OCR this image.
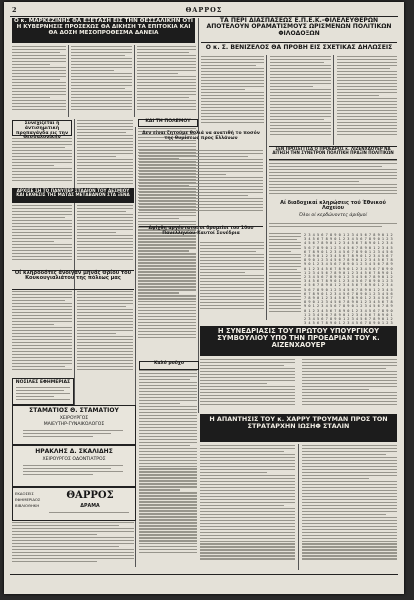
2	ΘΑΡΡΟΣ
Ο κ. ΜΑΡΚΕΖΙΝΗΣ ΘΑ ΕΞΕΤΑΣΗ ΕΙΣ ΤΗΝ ΘΕΣΣΑΛΙΚΗΝ ΟΤΙ Η ΚΥΒΕΡΝΗΣΙΣ ΠΡΟΣΕΧΩΣ ΘΑ ΔΙΚΗΣΗ ΤΑ ΕΠΙΤΟΚΙΑ ΚΑΙ ΘΑ ΔΟΣΗ ΜΕΣΟΠΡΟΘΕΣΜΑ ΔΑΝΕΙΑ
ΤΑ ΠΕΡΙ ΔΙΑΣΠΑΣΕΩΣ Ε.Π.Ε.Κ.-ΦΙΛΕΛΕΥΘΕΡΩΝ ΑΠΟΤΕΛΟΥΝ ΟΡΑΜΑΤΙΣΜΟΥΣ ΩΡΙΣΜΕΝΩΝ ΠΟΛΙΤΙΚΩΝ ΦΙΛΟΔΟΞΩΝ
Ο κ. Σ. ΒΕΝΙΖΕΛΟΣ ΘΑ ΠΡΟΒΗ ΕΙΣ ΣΧΕΤΙΚΑΣ ΔΗΛΩΣΕΙΣ
Συνεχίζεται ή άντισημιτική προπαγάνδα εις την
ΚΑΙ ΤΗ ΠΟΛΕΜΟΥ
ΑΡΧΙΣΕ ΣΗ ΤΟ ΠΑΝΥΠΕΡ ΣΤΑΔΙΟΝ ΤΟΥ ΔΕΣΜΙΟΥ ΚΑΙ ΕΚΘΕΣΙΣ ΤΗΣ ΜΑΤΑΣ ΜΕΤΑΒΑΝΟΝ ΣΤΑ ΞΕΝΑ
Οί κληροδότες άνοιγαν μηνάς Θρίου του Κουκουγιαλιάτου της πόλεως μας
ΝΟΣΙΛΕΣ ΕΦΗΜΕΡΙΑΣ
ΣΤΑΜΑΤΙΟΣ Θ. ΣΤΑΜΑΤΙΟΥ
ΧΕΙΡΟΥΡΓΟΣ
ΜΑΙΕΥΤΗΡ-ΓΥΝΑΙΚΟΛΟΓΟΣ
ΗΡΑΚΛΗΣ Δ. ΣΚΑΛΙΔΗΣ
ΧΕΙΡΟΥΡΓΟΣ ΟΔΟΝΤΙΑΤΡΟΣ
ΕΚΔΟΣΕΙΣ
ΕΦΗΜΕΡΙΔΟΣ
ΒΙΒΛΙΟΘΗΚΗ
ΘΑΡΡΟΣ
ΔΡΑΜΑ
Δεν είναι ζητούμε θολιά να ανατιθή το ποσόν της θυμίσεως προς Ελλάνων
Αφίχθη αργέστατοι οι δρομείοι του 10ου Πανελληνίου-Καυτοί Συνέδρια
ΣΕΝ ΠΡΟΣΕΓΓΙΣΑ Ο ΠΡΟΕΔΡΟΣ κ. ΛΙΖΕΝΧΑΟΥΕΡ ΝΑ ΑΙΤΗΣΗ ΤΗΝ ΣΥΝΕΤΡΟΝ ΠΟΛΙΤΙΚΗ ΠΡΑΞΙΝ ΠΟΛΙΤΙΚΩΝ
Αί διαδοχικαί κληρώσεις τού Έθνικού Λαχείου
Όλοι οί κερδώνοντες άριθμοί
2 3 4 5 6 7 8 9 0 1 2 3 4 5 6 7 8 9 0 1 2
3 4 5 6 7 8 9 0 1 2 3 4 5 6 7 8 9 0 1 2 3
4 5 6 7 8 9 0 1 2 3 4 5 6 7 8 9 0 1 2 3 4
5 6 7 8 9 0 1 2 3 4 5 6 7 8 9 0 1 2 3 4 5
6 7 8 9 0 1 2 3 4 5 6 7 8 9 0 1 2 3 4 5 6
7 8 9 0 1 2 3 4 5 6 7 8 9 0 1 2 3 4 5 6 7
8 9 0 1 2 3 4 5 6 7 8 9 0 1 2 3 4 5 6 7 8
9 0 1 2 3 4 5 6 7 8 9 0 1 2 3 4 5 6 7 8 9
0 1 2 3 4 5 6 7 8 9 0 1 2 3 4 5 6 7 8 9 0
1 2 3 4 5 6 7 8 9 0 1 2 3 4 5 6 7 8 9 0 1
2 3 4 5 6 7 8 9 0 1 2 3 4 5 6 7 8 9 0 1 2
3 4 5 6 7 8 9 0 1 2 3 4 5 6 7 8 9 0 1 2 3
4 5 6 7 8 9 0 1 2 3 4 5 6 7 8 9 0 1 2 3 4
5 6 7 8 9 0 1 2 3 4 5 6 7 8 9 0 1 2 3 4 5
6 7 8 9 0 1 2 3 4 5 6 7 8 9 0 1 2 3 4 5 6
7 8 9 0 1 2 3 4 5 6 7 8 9 0 1 2 3 4 5 6 7
8 9 0 1 2 3 4 5 6 7 8 9 0 1 2 3 4 5 6 7 8
9 0 1 2 3 4 5 6 7 8 9 0 1 2 3 4 5 6 7 8 9
0 1 2 3 4 5 6 7 8 9 0 1 2 3 4 5 6 7 8 9 0
1 2 3 4 5 6 7 8 9 0 1 2 3 4 5 6 7 8 9 0 1
2 3 4 5 6 7 8 9 0 1 2 3 4 5 6 7 8 9 0 1 2
3 4 5 6 7 8 9 0 1 2 3 4 5 6 7 8 9 0 1 2 3
Η ΣΥΝΕΔΡΙΑΣΙΣ ΤΟΥ ΠΡΩΤΟΥ ΥΠΟΥΡΓΙΚΟΥ ΣΥΜΒΟΥΛΙΟΥ ΥΠΟ ΤΗΝ ΠΡΟΕΔΡΙΑΝ ΤΟΥ κ. ΑΙΖΕΝΧΑΟΥΕΡ
Καλό ροῦχο
Η ΑΠΑΝΤΗΣΙΣ ΤΟΥ κ. ΧΑΡΡΥ ΤΡΟΥΜΑΝ ΠΡΟΣ ΤΟΝ ΣΤΡΑΤΑΡΧΗΝ ΙΩΣΗΦ ΣΤΑΛΙΝ
